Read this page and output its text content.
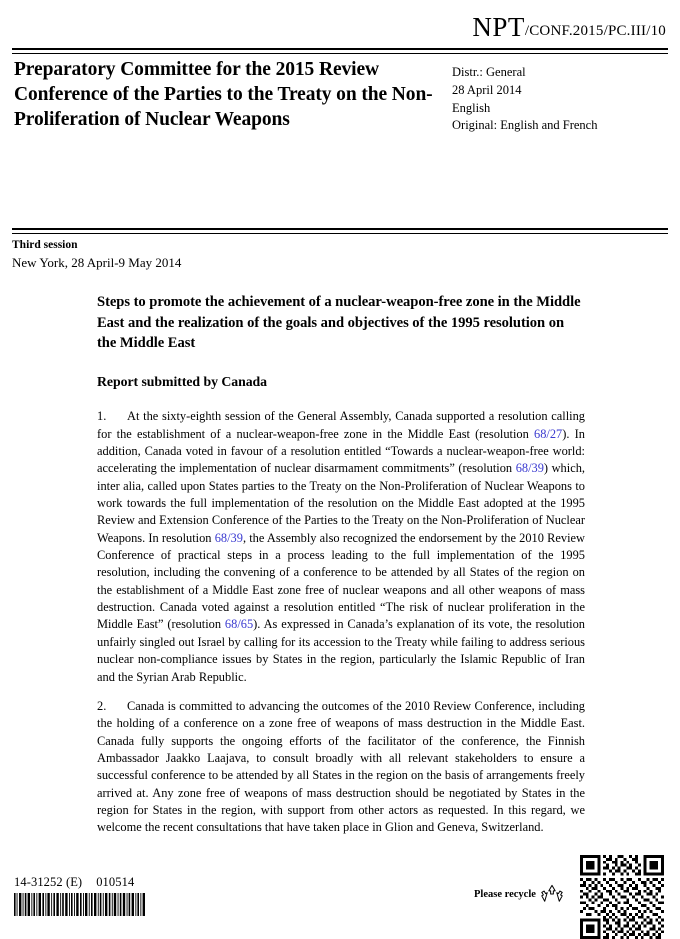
NPT/CONF.2015/PC.III/10
Preparatory Committee for the 2015 Review Conference of the Parties to the Treaty on the Non-Proliferation of Nuclear Weapons
Distr.: General
28 April 2014
English
Original: English and French
Third session
New York, 28 April-9 May 2014
Steps to promote the achievement of a nuclear-weapon-free zone in the Middle East and the realization of the goals and objectives of the 1995 resolution on the Middle East
Report submitted by Canada
1. At the sixty-eighth session of the General Assembly, Canada supported a resolution calling for the establishment of a nuclear-weapon-free zone in the Middle East (resolution 68/27). In addition, Canada voted in favour of a resolution entitled “Towards a nuclear-weapon-free world: accelerating the implementation of nuclear disarmament commitments” (resolution 68/39) which, inter alia, called upon States parties to the Treaty on the Non-Proliferation of Nuclear Weapons to work towards the full implementation of the resolution on the Middle East adopted at the 1995 Review and Extension Conference of the Parties to the Treaty on the Non-Proliferation of Nuclear Weapons. In resolution 68/39, the Assembly also recognized the endorsement by the 2010 Review Conference of practical steps in a process leading to the full implementation of the 1995 resolution, including the convening of a conference to be attended by all States of the region on the establishment of a Middle East zone free of nuclear weapons and all other weapons of mass destruction. Canada voted against a resolution entitled “The risk of nuclear proliferation in the Middle East” (resolution 68/65). As expressed in Canada’s explanation of its vote, the resolution unfairly singled out Israel by calling for its accession to the Treaty while failing to address serious nuclear non-compliance issues by States in the region, particularly the Islamic Republic of Iran and the Syrian Arab Republic.
2. Canada is committed to advancing the outcomes of the 2010 Review Conference, including the holding of a conference on a zone free of weapons of mass destruction in the Middle East. Canada fully supports the ongoing efforts of the facilitator of the conference, the Finnish Ambassador Jaakko Laajava, to consult broadly with all relevant stakeholders to ensure a successful conference to be attended by all States in the region on the basis of arrangements freely arrived at. Any zone free of weapons of mass destruction should be negotiated by States in the region for States in the region, with support from other actors as requested. In this regard, we welcome the recent consultations that have taken place in Glion and Geneva, Switzerland.
14-31252 (E) 010514
Please recycle
